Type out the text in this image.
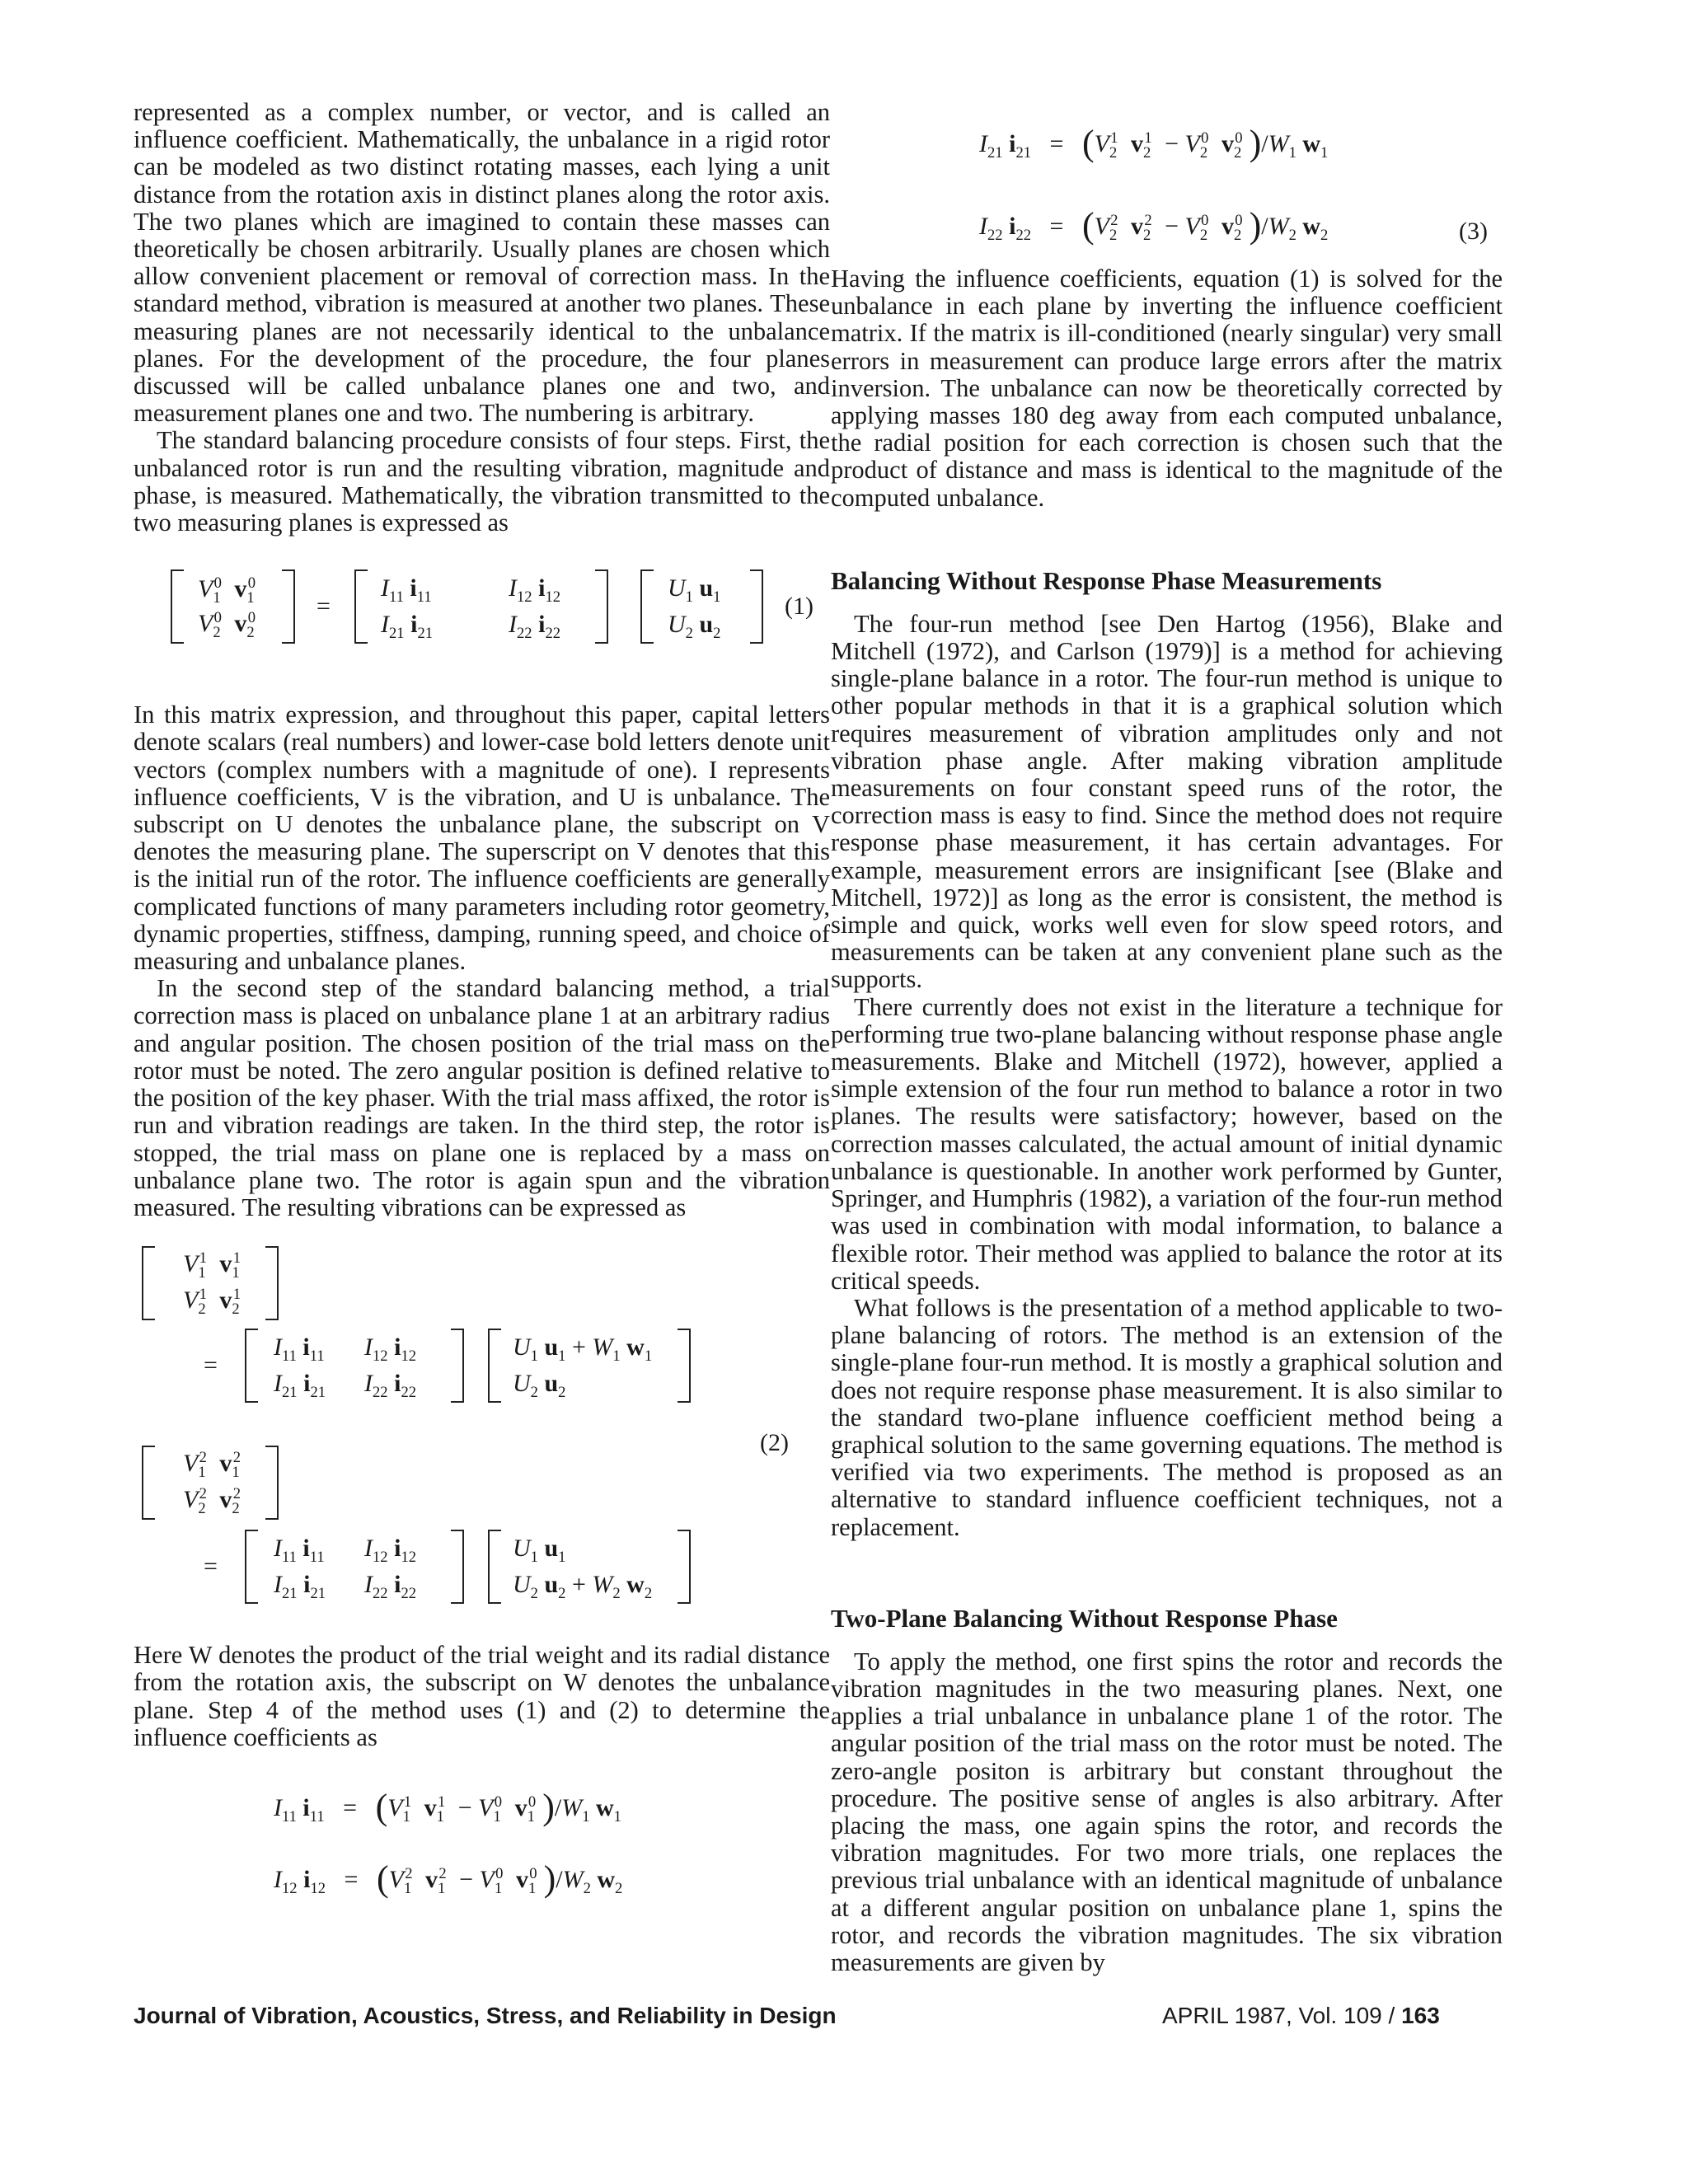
represented as a complex number, or vector, and is called an influence coefficient. Mathematically, the unbalance in a rigid rotor can be modeled as two distinct rotating masses, each lying a unit distance from the rotation axis in distinct planes along the rotor axis. The two planes which are imagined to contain these masses can theoretically be chosen arbitrarily. Usually planes are chosen which allow convenient placement or removal of correction mass. In the standard method, vibration is measured at another two planes. These measuring planes are not necessarily identical to the unbalance planes. For the development of the procedure, the four planes discussed will be called unbalance planes one and two, and measurement planes one and two. The numbering is arbitrary.

The standard balancing procedure consists of four steps. First, the unbalanced rotor is run and the resulting vibration, magnitude and phase, is measured. Mathematically, the vibration transmitted to the two measuring planes is expressed as

$V_1^0$ $v_1^0$
$V_2^0$ $v_2^0$ =
$I_{11}$ $i_{11}$	$I_{12}$ $i_{12}$
$I_{21}$ $i_{21}$	$I_{22}$ $i_{22}$
$U_1$ $u_1$
$U_2$ $u_2$
(1)

In this matrix expression, and throughout this paper, capital letters denote scalars (real numbers) and lower-case bold letters denote unit vectors (complex numbers with a magnitude of one). I represents influence coefficients, V is the vibration, and U is unbalance. The subscript on U denotes the unbalance plane, the subscript on V denotes the measuring plane. The superscript on V denotes that this is the initial run of the rotor. The influence coefficients are generally complicated functions of many parameters including rotor geometry, dynamic properties, stiffness, damping, running speed, and choice of measuring and unbalance planes.

In the second step of the standard balancing method, a trial correction mass is placed on unbalance plane 1 at an arbitrary radius and angular position. The chosen position of the trial mass on the rotor must be noted. The zero angular position is defined relative to the position of the key phaser. With the trial mass affixed, the rotor is run and vibration readings are taken. In the third step, the rotor is stopped, the trial mass on plane one is replaced by a mass on unbalance plane two. The rotor is again spun and the vibration measured. The resulting vibrations can be expressed as

$V_1^1$ $v_1^1$
$V_2^1$ $v_2^1$
=
$I_{11}$ $i_{11}$ $I_{12}$ $i_{12}$
$I_{21}$ $i_{21}$ $I_{22}$ $i_{22}$
$U_1$ $u_1 + W_1$ $w_1$
$U_2$ $u_2$
(2)
$V_1^2$ $v_1^2$
$V_2^2$ $v_2^2$
=
$I_{11}$ $i_{11}$ $I_{12}$ $i_{12}$
$I_{21}$ $i_{21}$ $I_{22}$ $i_{22}$
$U_1$ $u_1$
$U_2$ $u_2 + W_2$ $w_2$

Here W denotes the product of the trial weight and its radial distance from the rotation axis, the subscript on W denotes the unbalance plane. Step 4 of the method uses (1) and (2) to determine the influence coefficients as

$I_{11}$ $i_{11} = (V_1^1$ $v_1^1 - V_1^0$ $v_1^0$ )$/W_1$ $w_1$
$I_{12}$ $i_{12} = (V_1^2$ $v_1^2 - V_1^0$ $v_1^0$ )$/W_2$ $w_2$
$I_{21}$ $i_{21} = (V_2^1$ $v_2^1 - V_2^0$ $v_2^0$ )$/W_1$ $w_1$
$I_{22}$ $i_{22} = (V_2^2$ $v_2^2 - V_2^0$ $v_2^0$ )$/W_2$ $w_2$	(3)

Having the influence coefficients, equation (1) is solved for the unbalance in each plane by inverting the influence coefficient matrix. If the matrix is ill-conditioned (nearly singular) very small errors in measurement can produce large errors after the matrix inversion. The unbalance can now be theoretically corrected by applying masses 180 deg away from each computed unbalance, the radial position for each correction is chosen such that the product of distance and mass is identical to the magnitude of the computed unbalance.

Balancing Without Response Phase Measurements

The four-run method [see Den Hartog (1956), Blake and Mitchell (1972), and Carlson (1979)] is a method for achieving single-plane balance in a rotor. The four-run method is unique to other popular methods in that it is a graphical solution which requires measurement of vibration amplitudes only and not vibration phase angle. After making vibration amplitude measurements on four constant speed runs of the rotor, the correction mass is easy to find. Since the method does not require response phase measurement, it has certain advantages. For example, measurement errors are insignificant [see (Blake and Mitchell, 1972)] as long as the error is consistent, the method is simple and quick, works well even for slow speed rotors, and measurements can be taken at any convenient plane such as the supports.

There currently does not exist in the literature a technique for performing true two-plane balancing without response phase angle measurements. Blake and Mitchell (1972), however, applied a simple extension of the four run method to balance a rotor in two planes. The results were satisfactory; however, based on the correction masses calculated, the actual amount of initial dynamic unbalance is questionable. In another work performed by Gunter, Springer, and Humphris (1982), a variation of the four-run method was used in combination with modal information, to balance a flexible rotor. Their method was applied to balance the rotor at its critical speeds.

What follows is the presentation of a method applicable to two-plane balancing of rotors. The method is an extension of the single-plane four-run method. It is mostly a graphical solution and does not require response phase measurement. It is also similar to the standard two-plane influence coefficient method being a graphical solution to the same governing equations. The method is verified via two experiments. The method is proposed as an alternative to standard influence coefficient techniques, not a replacement.

Two-Plane Balancing Without Response Phase

To apply the method, one first spins the rotor and records the vibration magnitudes in the two measuring planes. Next, one applies a trial unbalance in unbalance plane 1 of the rotor. The angular position of the trial mass on the rotor must be noted. The zero-angle positon is arbitrary but constant throughout the procedure. The positive sense of angles is also arbitrary. After placing the mass, one again spins the rotor, and records the vibration magnitudes. For two more trials, one replaces the previous trial unbalance with an identical magnitude of unbalance at a different angular position on unbalance plane 1, spins the rotor, and records the vibration magnitudes. The six vibration measurements are given by

Journal of Vibration, Acoustics, Stress, and Reliability in Design	APRIL 1987, Vol. 109 / 163
